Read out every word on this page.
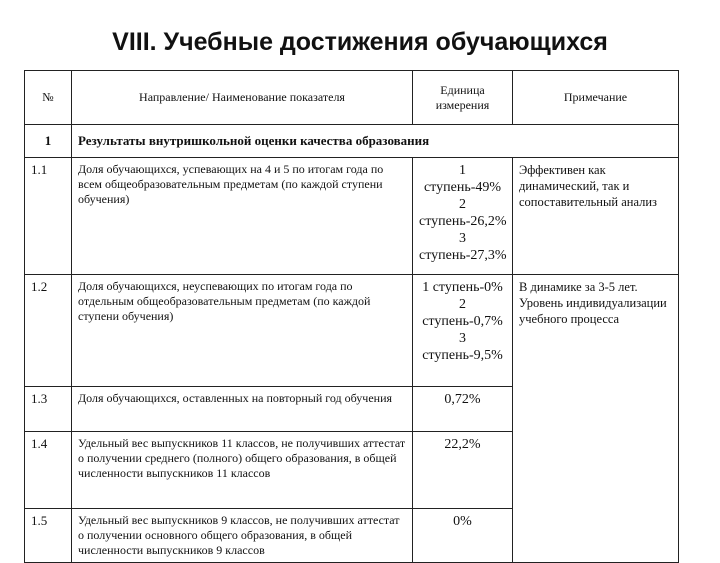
VIII. Учебные достижения обучающихся
№	Направление/ Наименование показателя	Единица измерения	Примечание
1	Результаты внутришкольной оценки качества образования		
1.1	Доля обучающихся, успевающих на 4 и 5 по итогам года по всем общеобразовательным предметам (по каждой ступени обучения)	1 ступень-49% 2 ступень-26,2% 3 ступень-27,3%	Эффективен как динамический, так и сопоставительный анализ
1.2	Доля обучающихся, неуспевающих по итогам года по отдельным общеобразовательным предметам (по каждой ступени обучения)	1 ступень-0% 2 ступень-0,7% 3 ступень-9,5%	В динамике за 3-5 лет. Уровень индивидуализации учебного процесса
1.3	Доля обучающихся, оставленных на повторный год обучения	0,72%	
1.4	Удельный вес выпускников 11 классов, не получивших аттестат о получении среднего (полного) общего образования, в общей численности выпускников 11 классов	22,2%	
1.5	Удельный вес выпускников 9 классов, не получивших аттестат о получении основного общего образования, в общей численности выпускников 9 классов	0%	
